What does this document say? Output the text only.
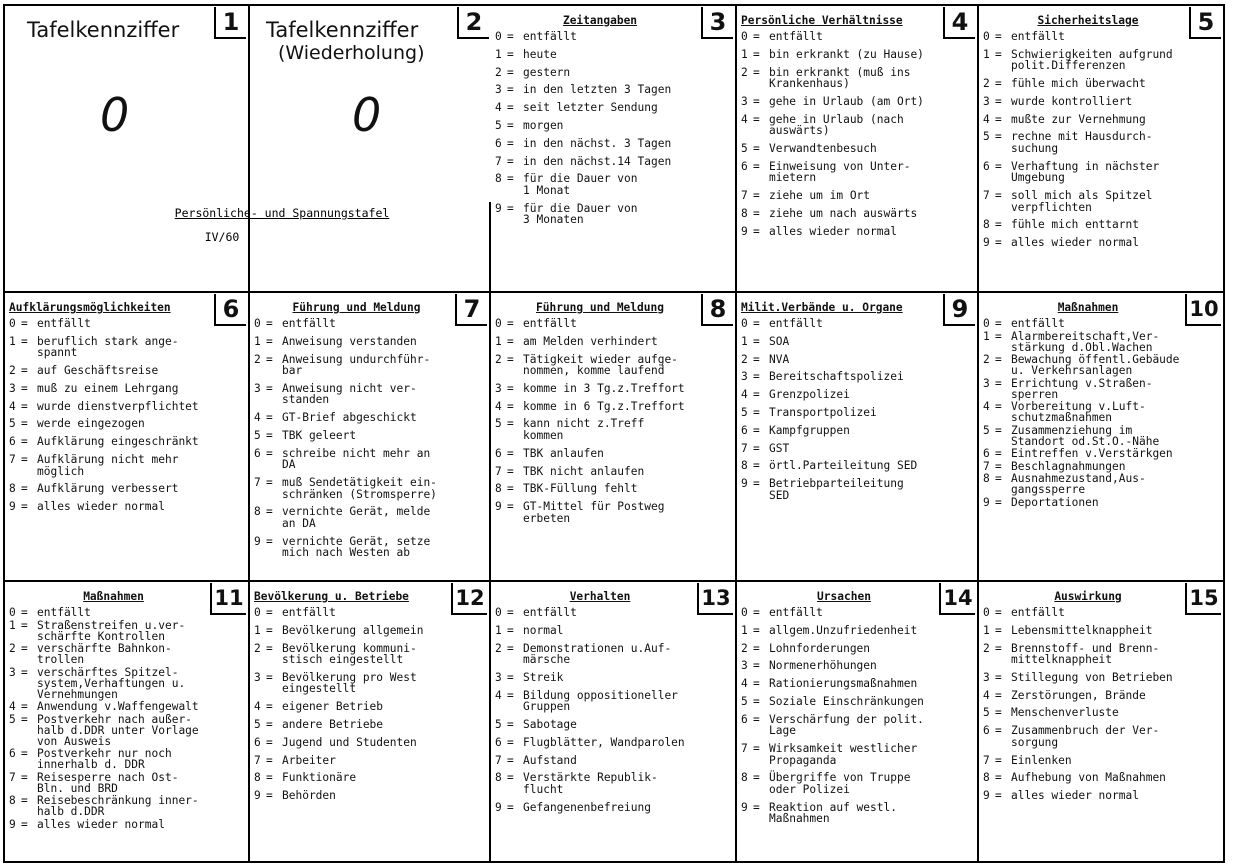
1
Tafelkennziffer
0
2
Tafelkennziffer
(Wiederholung)
0
Persönliche- und Spannungstafel
IV/60
3
Zeitangaben
0 = entfällt
1 = heute
2 = gestern
3 = in den letzten 3 Tagen
4 = seit letzter Sendung
5 = morgen
6 = in den nächst. 3 Tagen
7 = in den nächst.14 Tagen
8 = für die Dauer von
1 Monat
9 = für die Dauer von
3 Monaten
4
Persönliche Verhältnisse
0 = entfällt
1 = bin erkrankt (zu Hause)
2 = bin erkrankt (muß ins
Krankenhaus)
3 = gehe in Urlaub (am Ort)
4 = gehe in Urlaub (nach
auswärts)
5 = Verwandtenbesuch
6 = Einweisung von Unter-
mietern
7 = ziehe um im Ort
8 = ziehe um nach auswärts
9 = alles wieder normal
5
Sicherheitslage
0 = entfällt
1 = Schwierigkeiten aufgrund
polit.Differenzen
2 = fühle mich überwacht
3 = wurde kontrolliert
4 = mußte zur Vernehmung
5 = rechne mit Hausdurch-
suchung
6 = Verhaftung in nächster
Umgebung
7 = soll mich als Spitzel
verpflichten
8 = fühle mich enttarnt
9 = alles wieder normal
6
Aufklärungsmöglichkeiten
0 = entfällt
1 = beruflich stark ange-
spannt
2 = auf Geschäftsreise
3 = muß zu einem Lehrgang
4 = wurde dienstverpflichtet
5 = werde eingezogen
6 = Aufklärung eingeschränkt
7 = Aufklärung nicht mehr
möglich
8 = Aufklärung verbessert
9 = alles wieder normal
7
Führung und Meldung
0 = entfällt
1 = Anweisung verstanden
2 = Anweisung undurchführ-
bar
3 = Anweisung nicht ver-
standen
4 = GT-Brief abgeschickt
5 = TBK geleert
6 = schreibe nicht mehr an
DA
7 = muß Sendetätigkeit ein-
schränken (Stromsperre)
8 = vernichte Gerät, melde
an DA
9 = vernichte Gerät, setze
mich nach Westen ab
8
Führung und Meldung
0 = entfällt
1 = am Melden verhindert
2 = Tätigkeit wieder aufge-
nommen, komme laufend
3 = komme in 3 Tg.z.Treffort
4 = komme in 6 Tg.z.Treffort
5 = kann nicht z.Treff
kommen
6 = TBK anlaufen
7 = TBK nicht anlaufen
8 = TBK-Füllung fehlt
9 = GT-Mittel für Postweg
erbeten
9
Milit.Verbände u. Organe
0 = entfällt
1 = SOA
2 = NVA
3 = Bereitschaftspolizei
4 = Grenzpolizei
5 = Transportpolizei
6 = Kampfgruppen
7 = GST
8 = örtl.Parteileitung SED
9 = Betriebparteileitung
SED
10
Maßnahmen
0 = entfällt
1 = Alarmbereitschaft,Ver-
stärkung d.Obl.Wachen
2 = Bewachung öffentl.Gebäude
u. Verkehrsanlagen
3 = Errichtung v.Straßen-
sperren
4 = Vorbereitung v.Luft-
schutzmaßnahmen
5 = Zusammenziehung im
Standort od.St.O.-Nähe
6 = Eintreffen v.Verstärkgen
7 = Beschlagnahmungen
8 = Ausnahmezustand,Aus-
gangssperre
9 = Deportationen
11
Maßnahmen
0 = entfällt
1 = Straßenstreifen u.ver-
schärfte Kontrollen
2 = verschärfte Bahnkon-
trollen
3 = verschärftes Spitzel-
system,Verhaftungen u.
Vernehmungen
4 = Anwendung v.Waffengewalt
5 = Postverkehr nach außer-
halb d.DDR unter Vorlage
von Ausweis
6 = Postverkehr nur noch
innerhalb d. DDR
7 = Reisesperre nach Ost-
Bln. und BRD
8 = Reisebeschränkung inner-
halb d.DDR
9 = alles wieder normal
12
Bevölkerung u. Betriebe
0 = entfällt
1 = Bevölkerung allgemein
2 = Bevölkerung kommuni-
stisch eingestellt
3 = Bevölkerung pro West
eingestellt
4 = eigener Betrieb
5 = andere Betriebe
6 = Jugend und Studenten
7 = Arbeiter
8 = Funktionäre
9 = Behörden
13
Verhalten
0 = entfällt
1 = normal
2 = Demonstrationen u.Auf-
märsche
3 = Streik
4 = Bildung oppositioneller
Gruppen
5 = Sabotage
6 = Flugblätter, Wandparolen
7 = Aufstand
8 = Verstärkte Republik-
flucht
9 = Gefangenenbefreiung
14
Ursachen
0 = entfällt
1 = allgem.Unzufriedenheit
2 = Lohnforderungen
3 = Normenerhöhungen
4 = Rationierungsmaßnahmen
5 = Soziale Einschränkungen
6 = Verschärfung der polit.
Lage
7 = Wirksamkeit westlicher
Propaganda
8 = Übergriffe von Truppe
oder Polizei
9 = Reaktion auf westl.
Maßnahmen
15
Auswirkung
0 = entfällt
1 = Lebensmittelknappheit
2 = Brennstoff- und Brenn-
mittelknappheit
3 = Stillegung von Betrieben
4 = Zerstörungen, Brände
5 = Menschenverluste
6 = Zusammenbruch der Ver-
sorgung
7 = Einlenken
8 = Aufhebung von Maßnahmen
9 = alles wieder normal
